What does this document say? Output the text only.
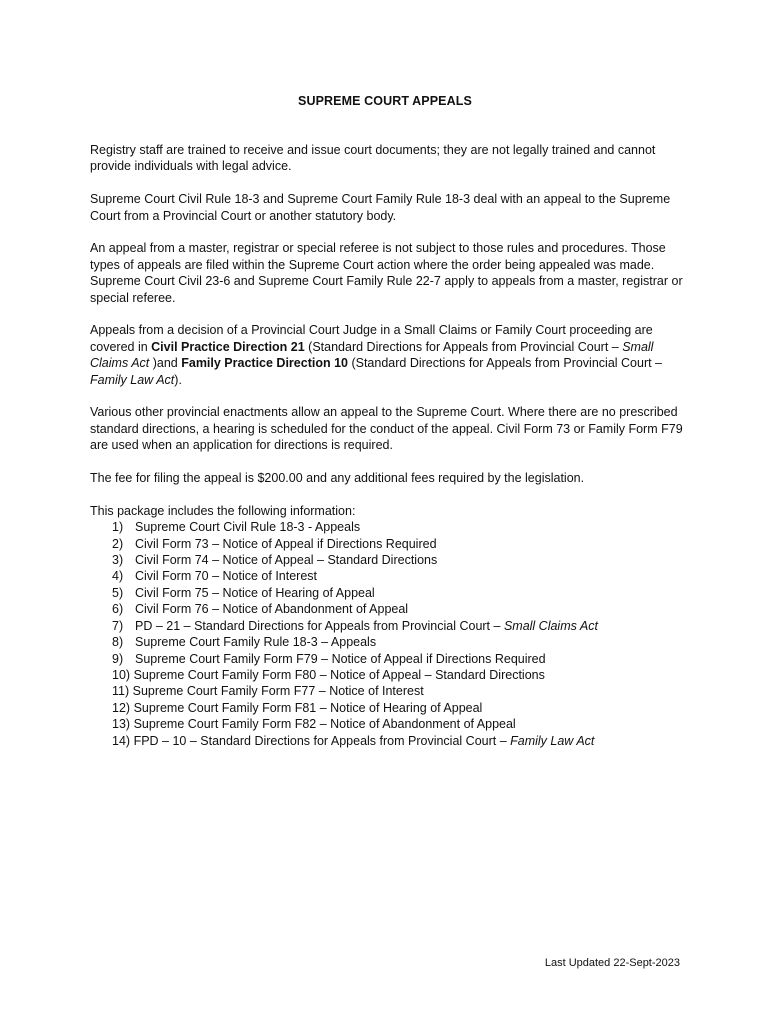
SUPREME COURT APPEALS

Registry staff are trained to receive and issue court documents; they are not legally trained and cannot provide individuals with legal advice.

Supreme Court Civil Rule 18-3 and Supreme Court Family Rule 18-3 deal with an appeal to the Supreme Court from a Provincial Court or another statutory body.

An appeal from a master, registrar or special referee is not subject to those rules and procedures. Those types of appeals are filed within the Supreme Court action where the order being appealed was made. Supreme Court Civil 23-6 and Supreme Court Family Rule 22-7 apply to appeals from a master, registrar or special referee.

Appeals from a decision of a Provincial Court Judge in a Small Claims or Family Court proceeding are covered in Civil Practice Direction 21 (Standard Directions for Appeals from Provincial Court – Small Claims Act )and Family Practice Direction 10 (Standard Directions for Appeals from Provincial Court – Family Law Act).

Various other provincial enactments allow an appeal to the Supreme Court. Where there are no prescribed standard directions, a hearing is scheduled for the conduct of the appeal. Civil Form 73 or Family Form F79 are used when an application for directions is required.

The fee for filing the appeal is $200.00 and any additional fees required by the legislation.

This package includes the following information:

1) Supreme Court Civil Rule 18-3 - Appeals
2) Civil Form 73 – Notice of Appeal if Directions Required
3) Civil Form 74 – Notice of Appeal – Standard Directions
4) Civil Form 70 – Notice of Interest
5) Civil Form 75 – Notice of Hearing of Appeal
6) Civil Form 76 – Notice of Abandonment of Appeal
7) PD – 21 – Standard Directions for Appeals from Provincial Court – Small Claims Act
8) Supreme Court Family Rule 18-3 – Appeals
9) Supreme Court Family Form F79 – Notice of Appeal if Directions Required
10) Supreme Court Family Form F80 – Notice of Appeal – Standard Directions
11) Supreme Court Family Form F77 – Notice of Interest
12) Supreme Court Family Form F81 – Notice of Hearing of Appeal
13) Supreme Court Family Form F82 – Notice of Abandonment of Appeal
14) FPD – 10 – Standard Directions for Appeals from Provincial Court – Family Law Act
Last Updated 22-Sept-2023
